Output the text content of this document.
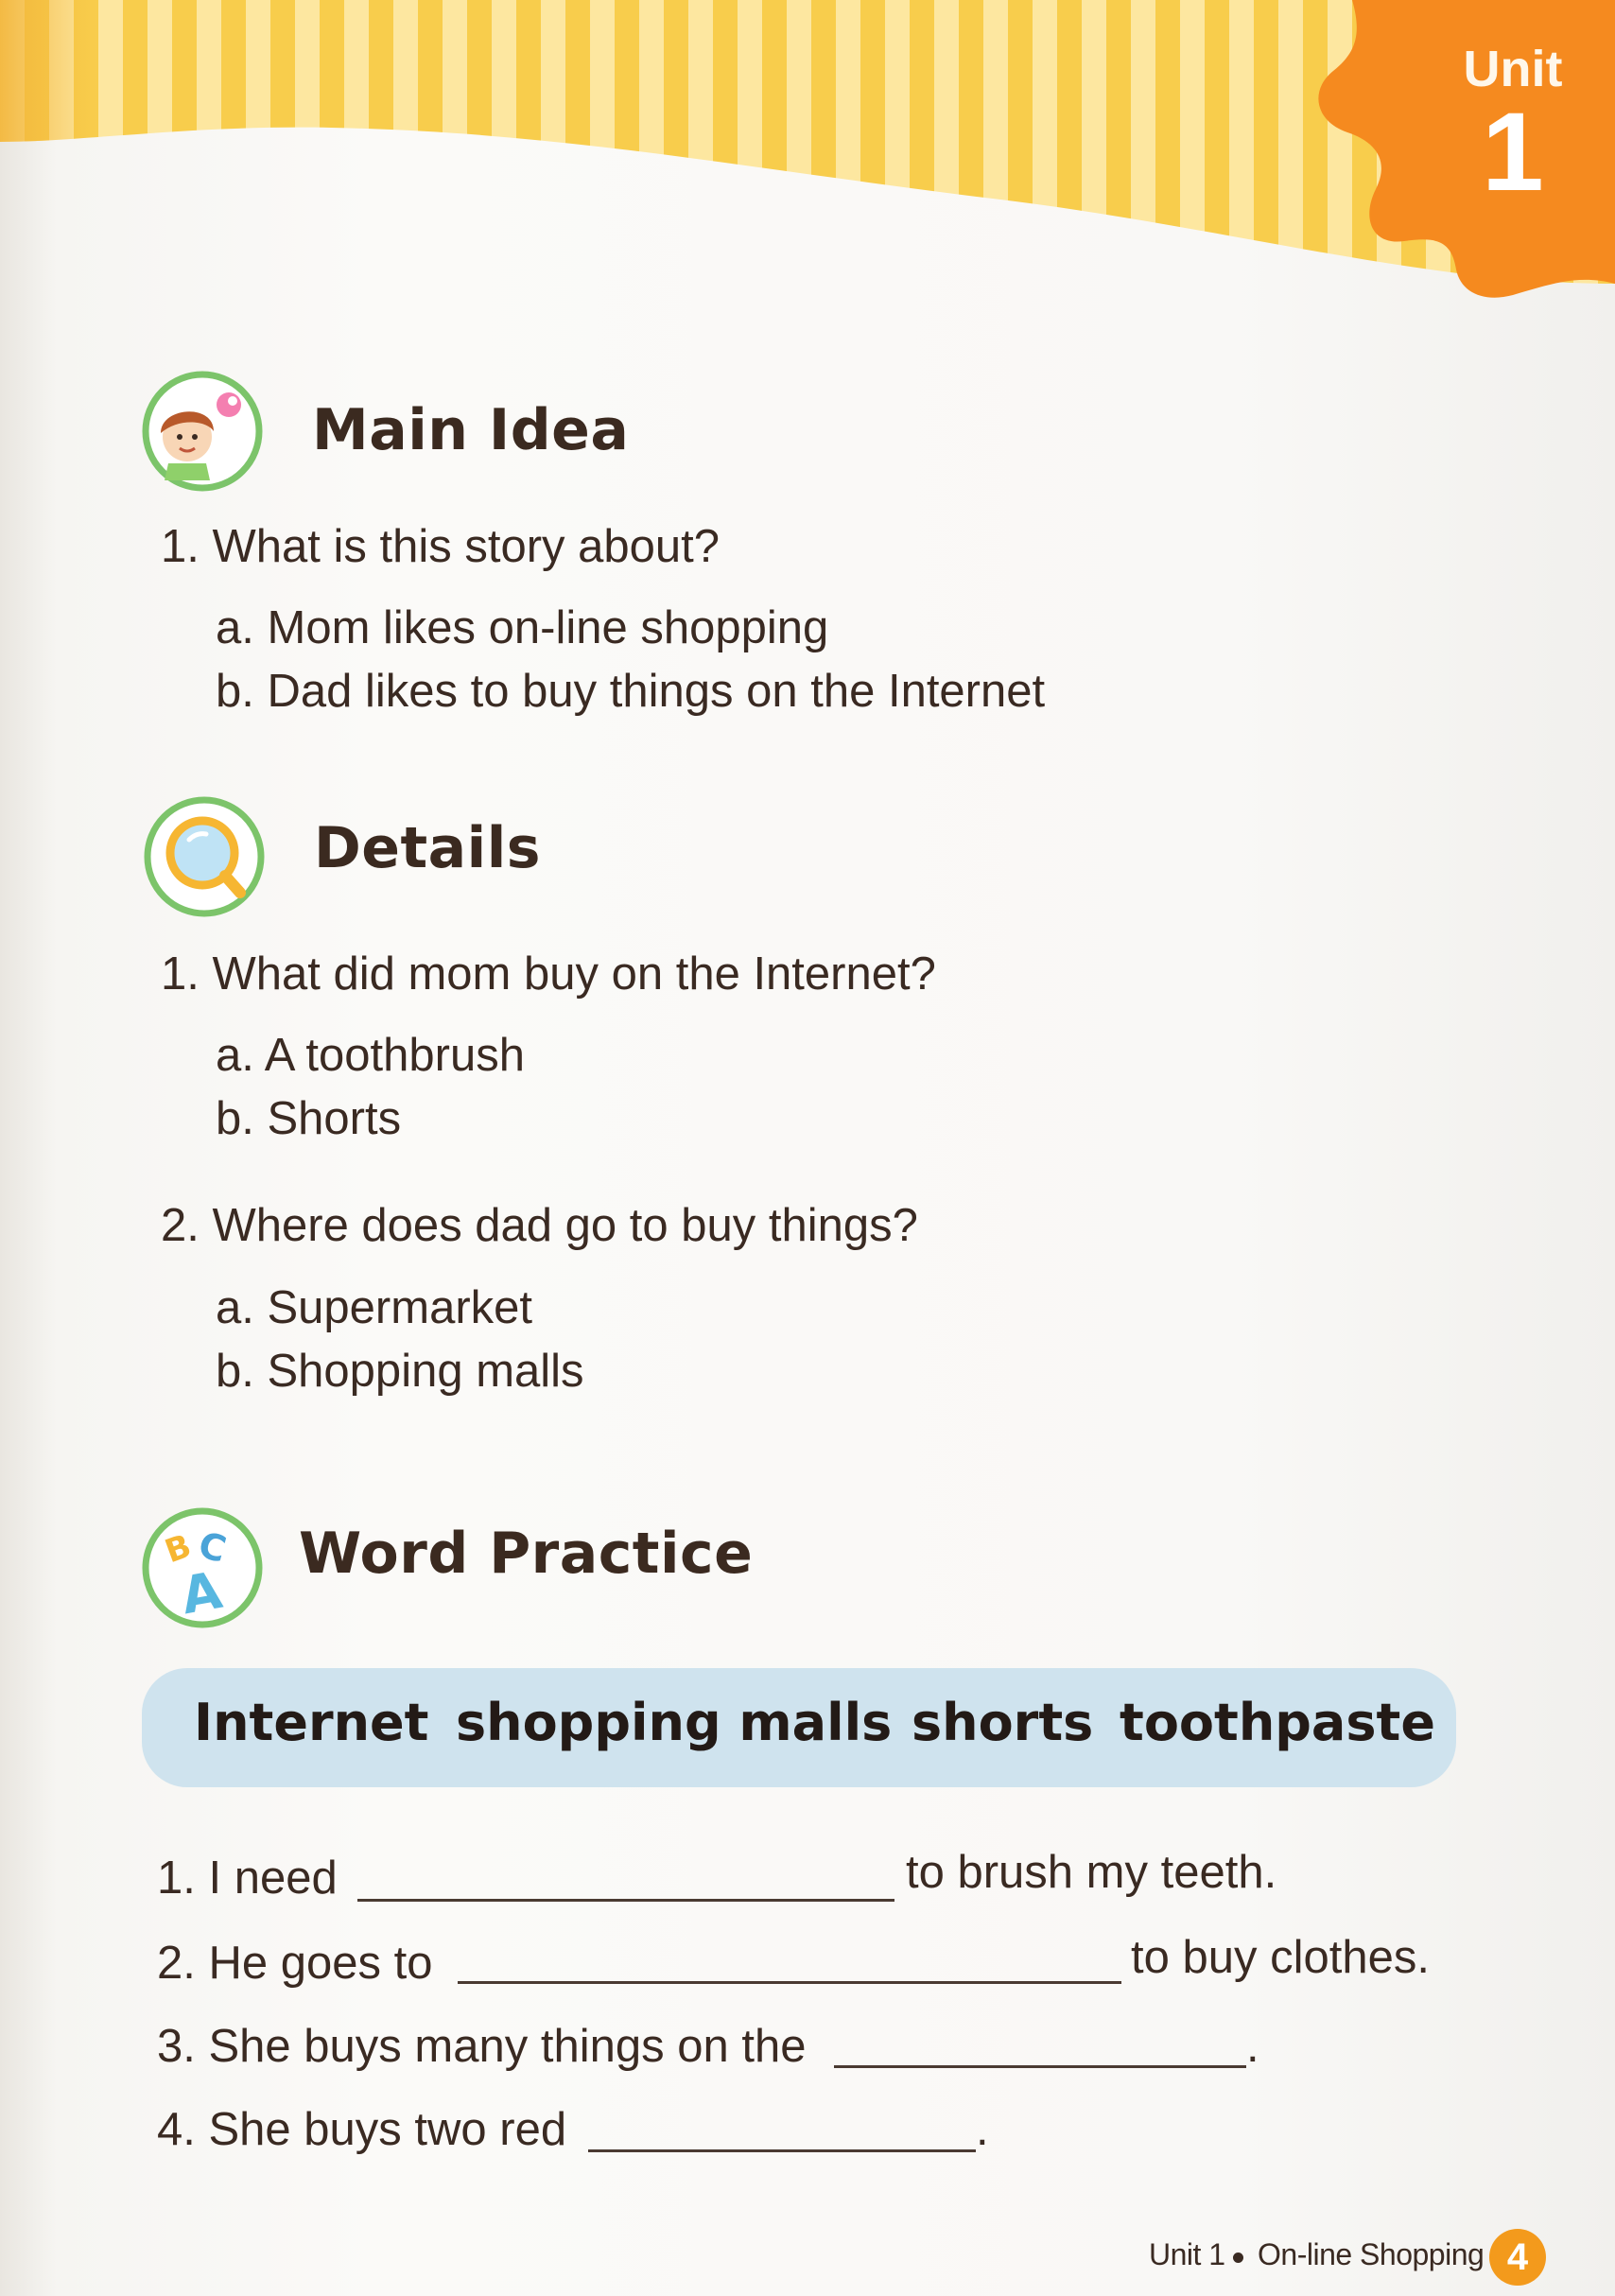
Unit
1
Main Idea
1. What is this story about?
a. Mom likes on-line shopping
b. Dad likes to buy things on the Internet
Details
1. What did mom buy on the Internet?
a. A toothbrush
b. Shorts
2. Where does dad go to buy things?
a. Supermarket
b. Shopping malls
B
C
A
Word Practice
Internet shopping malls shorts toothpaste
1. I need	to brush my teeth.
2. He goes to	to buy clothes.
3. She buys many things on the	.
4. She buys two red	.
Unit 1 On-line Shopping 4
